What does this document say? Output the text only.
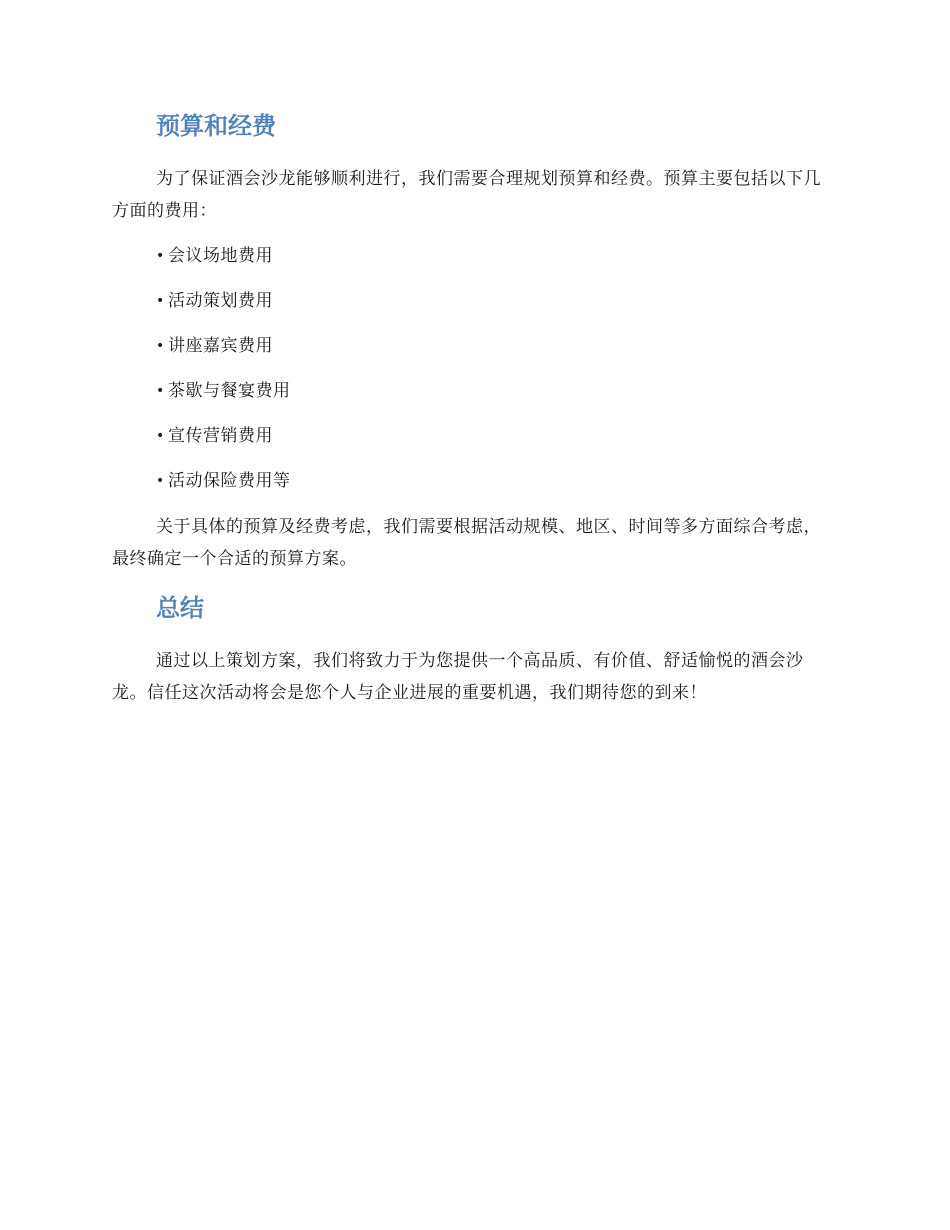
预算和经费

为了保证酒会沙龙能够顺利进行，我们需要合理规划预算和经费。预算主要包括以下几方面的费用：

• 会议场地费用
• 活动策划费用
• 讲座嘉宾费用
• 茶歇与餐宴费用
• 宣传营销费用
• 活动保险费用等

关于具体的预算及经费考虑，我们需要根据活动规模、地区、时间等多方面综合考虑，最终确定一个合适的预算方案。

总结

通过以上策划方案，我们将致力于为您提供一个高品质、有价值、舒适愉悦的酒会沙龙。信任这次活动将会是您个人与企业进展的重要机遇，我们期待您的到来！
